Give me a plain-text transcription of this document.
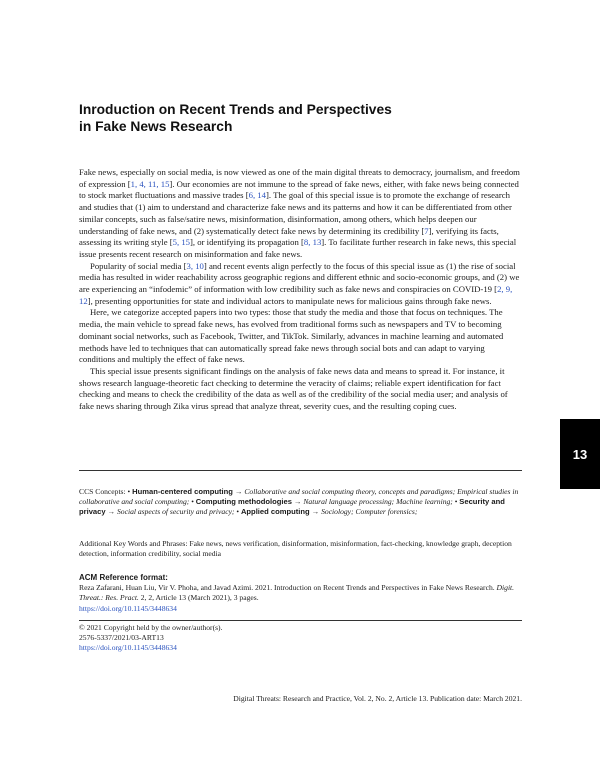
Inroduction on Recent Trends and Perspectives
in Fake News Research

Fake news, especially on social media, is now viewed as one of the main digital threats to democracy, journalism, and freedom of expression [1, 4, 11, 15]. Our economies are not immune to the spread of fake news, either, with fake news being connected to stock market fluctuations and massive trades [6, 14]. The goal of this special issue is to promote the exchange of research and studies that (1) aim to understand and characterize fake news and its patterns and how it can be differentiated from other similar concepts, such as false/satire news, misinformation, disinformation, among others, which helps deepen our understanding of fake news, and (2) systematically detect fake news by determining its credibility [7], verifying its facts, assessing its writing style [5, 15], or identifying its propagation [8, 13]. To facilitate further research in fake news, this special issue presents recent research on misinformation and fake news.

Popularity of social media [3, 10] and recent events align perfectly to the focus of this special issue as (1) the rise of social media has resulted in wider reachability across geographic regions and different ethnic and socio-economic groups, and (2) we are experiencing an “infodemic” of information with low credibility such as fake news and conspiracies on COVID-19 [2, 9, 12], presenting opportunities for state and individual actors to manipulate news for malicious gains through fake news.

Here, we categorize accepted papers into two types: those that study the media and those that focus on techniques. The media, the main vehicle to spread fake news, has evolved from traditional forms such as newspapers and TV to becoming dominant social networks, such as Facebook, Twitter, and TikTok. Similarly, advances in machine learning and automated methods have led to techniques that can automatically spread fake news through social bots and can adapt to varying conditions and multiply the effect of fake news.

This special issue presents significant findings on the analysis of fake news data and means to spread it. For instance, it shows research language-theoretic fact checking to determine the veracity of claims; reliable expert identification for fact checking and means to check the credibility of the data as well as of the credibility of the social media user; and analysis of fake news sharing through Zika virus spread that analyze threat, severity cues, and the resulting coping cues.

13
CCS Concepts: • Human-centered computing → Collaborative and social computing theory, concepts and paradigms; Empirical studies in collaborative and social computing; • Computing methodologies → Natural language processing; Machine learning; • Security and privacy → Social aspects of security and privacy; • Applied computing → Sociology; Computer forensics;
Additional Key Words and Phrases: Fake news, news verification, disinformation, misinformation, fact-checking, knowledge graph, deception detection, information credibility, social media
ACM Reference format:
Reza Zafarani, Huan Liu, Vir V. Phoha, and Javad Azimi. 2021. Introduction on Recent Trends and Perspectives in Fake News Research. Digit. Threat.: Res. Pract. 2, 2, Article 13 (March 2021), 3 pages.
https://doi.org/10.1145/3448634
© 2021 Copyright held by the owner/author(s).
2576-5337/2021/03-ART13
https://doi.org/10.1145/3448634
Digital Threats: Research and Practice, Vol. 2, No. 2, Article 13. Publication date: March 2021.
